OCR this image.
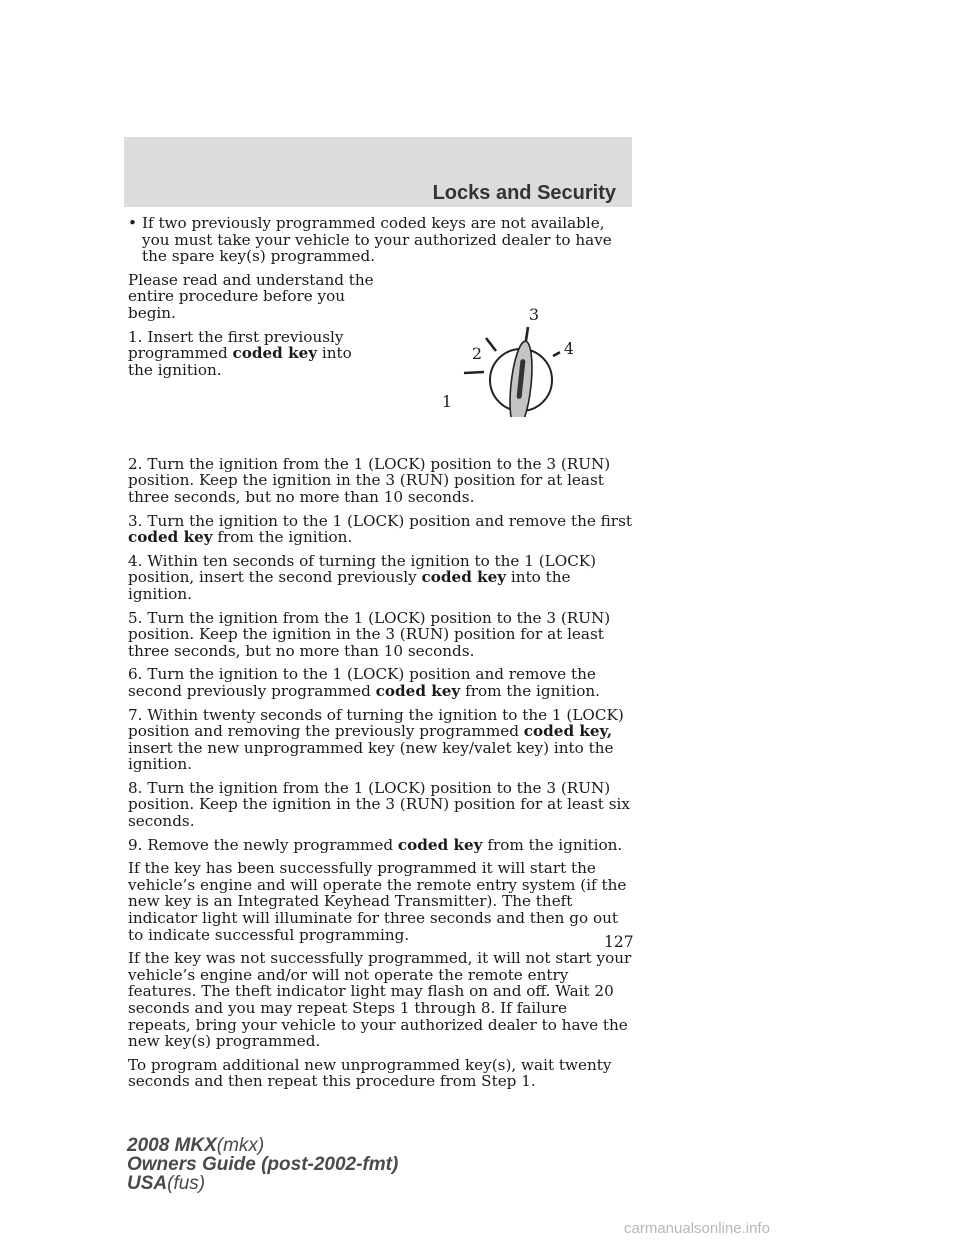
Locks and Security
• If two previously programmed coded keys are not available, you must take your vehicle to your authorized dealer to have the spare key(s) programmed.

Please read and understand the entire procedure before you begin.

1. Insert the first previously programmed coded key into the ignition.

1
2
3
4

2. Turn the ignition from the 1 (LOCK) position to the 3 (RUN) position. Keep the ignition in the 3 (RUN) position for at least three seconds, but no more than 10 seconds.

3. Turn the ignition to the 1 (LOCK) position and remove the first coded key from the ignition.

4. Within ten seconds of turning the ignition to the 1 (LOCK) position, insert the second previously coded key into the ignition.

5. Turn the ignition from the 1 (LOCK) position to the 3 (RUN) position. Keep the ignition in the 3 (RUN) position for at least three seconds, but no more than 10 seconds.

6. Turn the ignition to the 1 (LOCK) position and remove the second previously programmed coded key from the ignition.

7. Within twenty seconds of turning the ignition to the 1 (LOCK) position and removing the previously programmed coded key, insert the new unprogrammed key (new key/valet key) into the ignition.

8. Turn the ignition from the 1 (LOCK) position to the 3 (RUN) position. Keep the ignition in the 3 (RUN) position for at least six seconds.

9. Remove the newly programmed coded key from the ignition.

If the key has been successfully programmed it will start the vehicle’s engine and will operate the remote entry system (if the new key is an Integrated Keyhead Transmitter). The theft indicator light will illuminate for three seconds and then go out to indicate successful programming.

If the key was not successfully programmed, it will not start your vehicle’s engine and/or will not operate the remote entry features. The theft indicator light may flash on and off. Wait 20 seconds and you may repeat Steps 1 through 8. If failure repeats, bring your vehicle to your authorized dealer to have the new key(s) programmed.

To program additional new unprogrammed key(s), wait twenty seconds and then repeat this procedure from Step 1.

127

2008 MKX(mkx)
Owners Guide (post-2002-fmt)
USA(fus)
carmanualsonline.info
